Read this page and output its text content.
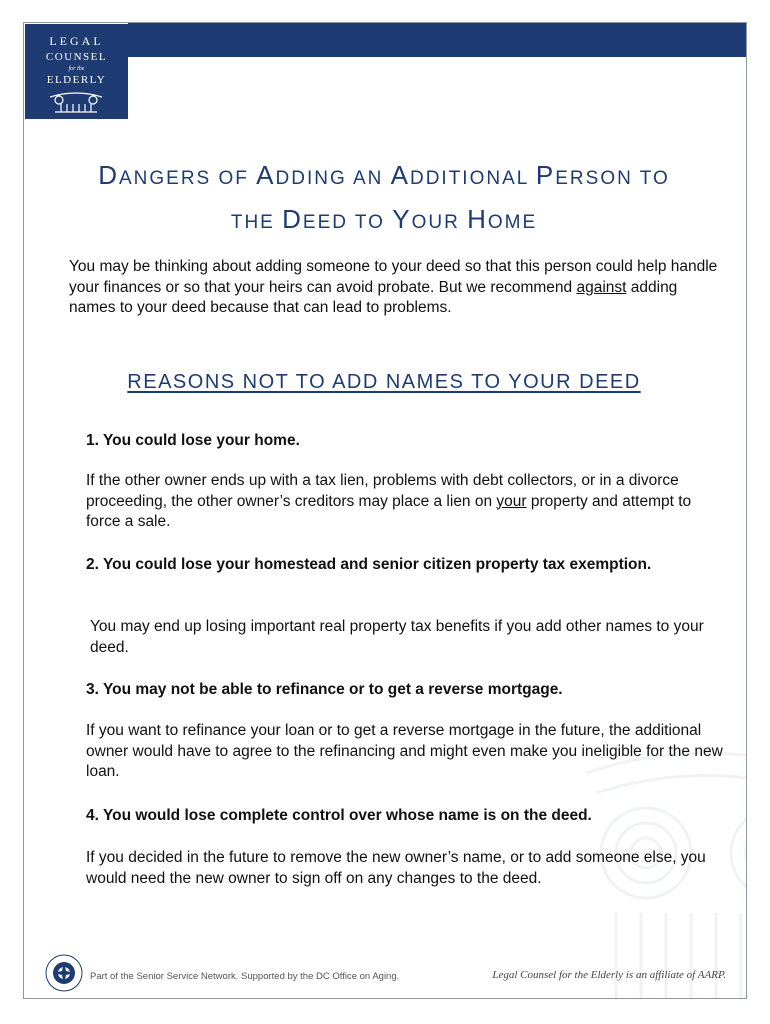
LEGAL
COUNSEL
for the
ELDERLY
DANGERS OF ADDING AN ADDITIONAL PERSON TO
THE DEED TO YOUR HOME

You may be thinking about adding someone to your deed so that this person could help handle your finances or so that your heirs can avoid probate. But we recommend against adding names to your deed because that can lead to problems.

REASONS NOT TO ADD NAMES TO YOUR DEED

1. You could lose your home.

If the other owner ends up with a tax lien, problems with debt collectors, or in a divorce proceeding, the other owner’s creditors may place a lien on your property and attempt to force a sale.

2. You could lose your homestead and senior citizen property tax exemption.

You may end up losing important real property tax benefits if you add other names to your deed.

3. You may not be able to refinance or to get a reverse mortgage.

If you want to refinance your loan or to get a reverse mortgage in the future, the additional owner would have to agree to the refinancing and might even make you ineligible for the new loan.

4. You would lose complete control over whose name is on the deed.

If you decided in the future to remove the new owner’s name, or to add someone else, you would need the new owner to sign off on any changes to the deed.

Part of the Senior Service Network. Supported by the DC Office on Aging.	Legal Counsel for the Elderly is an affiliate of AARP.
